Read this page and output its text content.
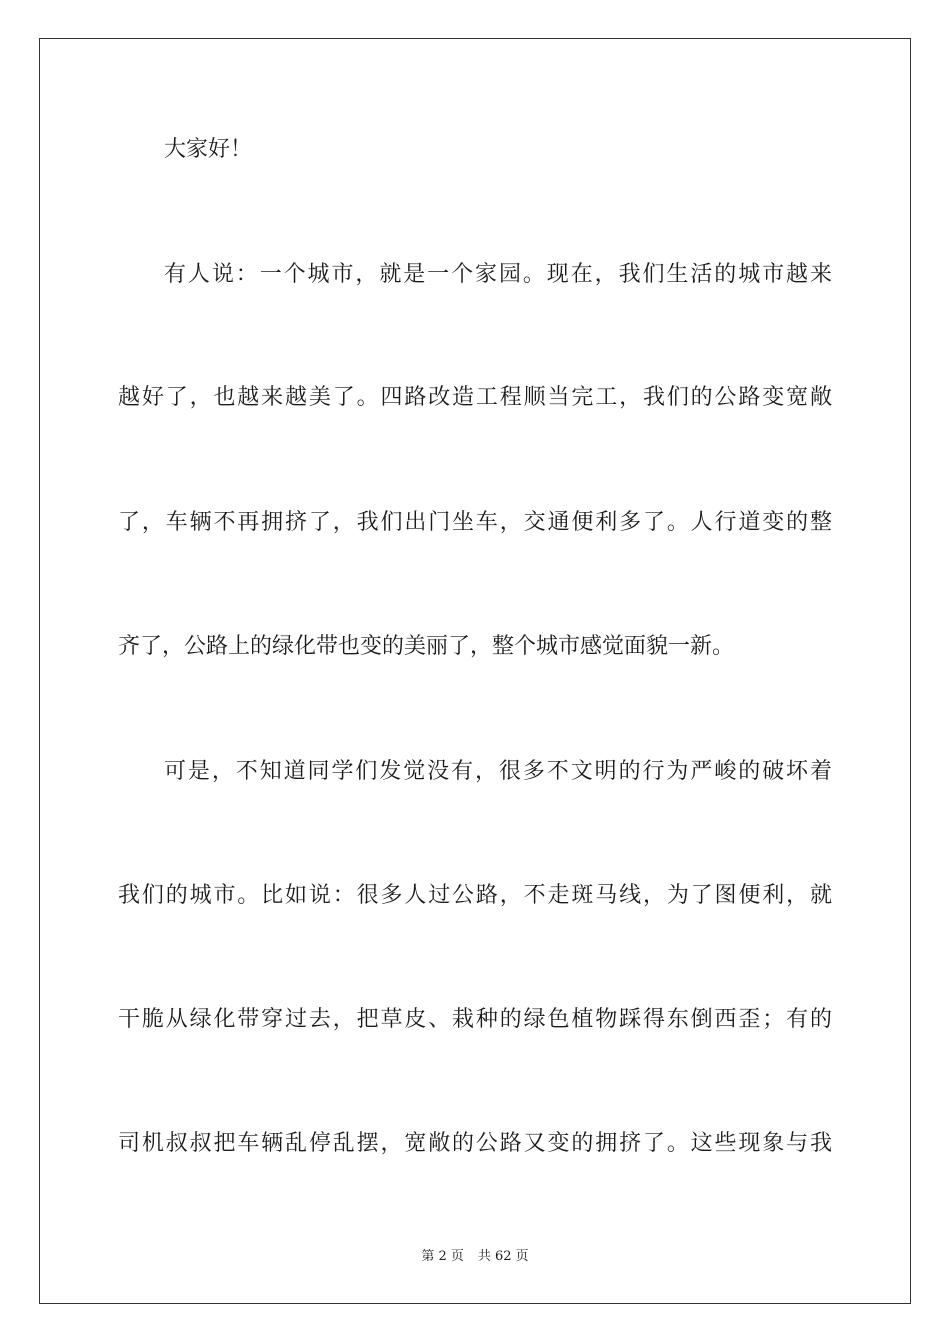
大家好！
有人说：一个城市，就是一个家园。现在，我们生活的城市越来
越好了，也越来越美了。四路改造工程顺当完工，我们的公路变宽敞
了，车辆不再拥挤了，我们出门坐车，交通便利多了。人行道变的整
齐了，公路上的绿化带也变的美丽了，整个城市感觉面貌一新。
可是，不知道同学们发觉没有，很多不文明的行为严峻的破坏着
我们的城市。比如说：很多人过公路，不走斑马线，为了图便利，就
干脆从绿化带穿过去，把草皮、栽种的绿色植物踩得东倒西歪；有的
司机叔叔把车辆乱停乱摆，宽敞的公路又变的拥挤了。这些现象与我
第 2 页 共 62 页
